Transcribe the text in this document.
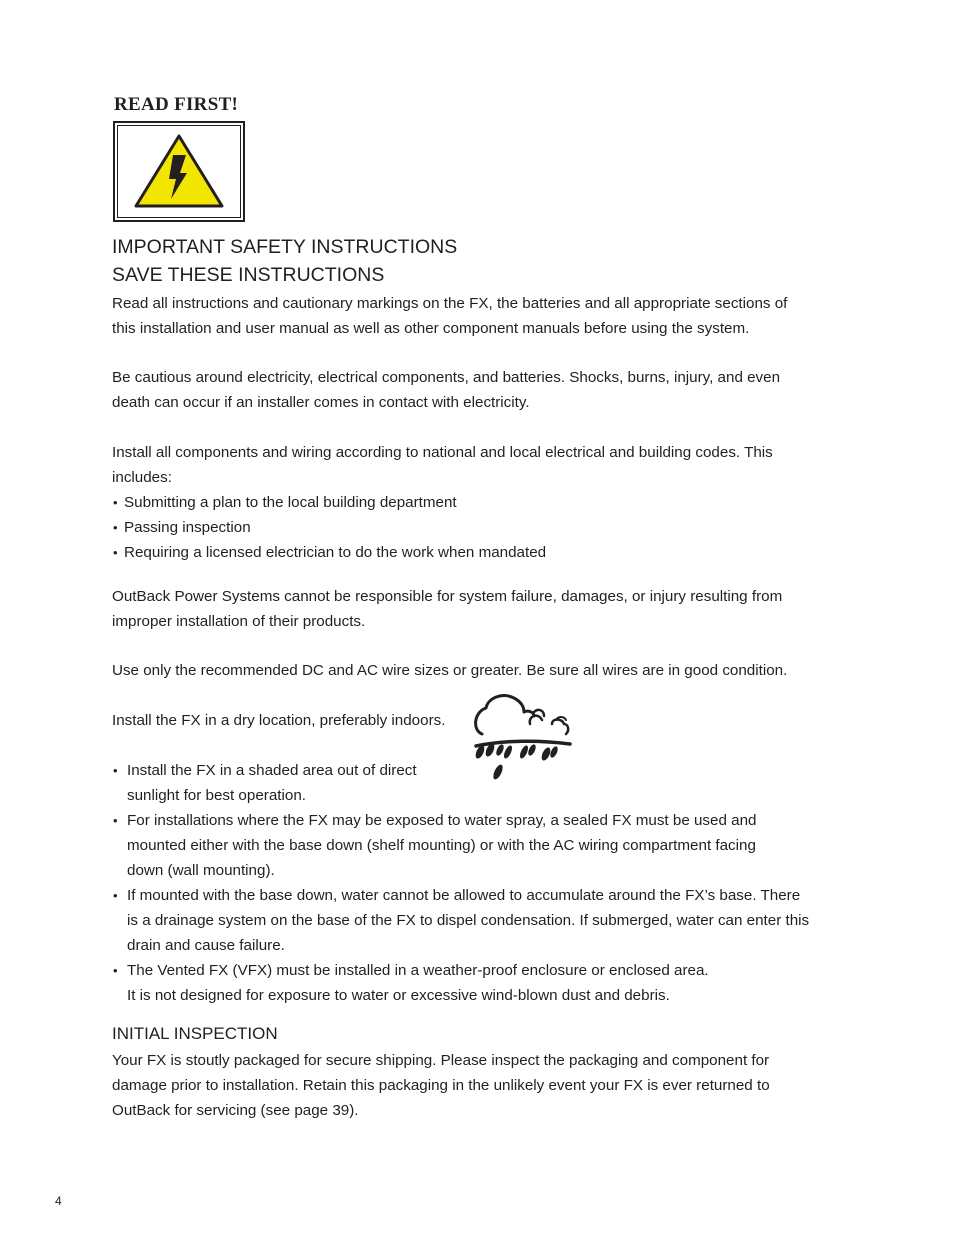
READ FIRST!
IMPORTANT SAFETY INSTRUCTIONS
SAVE THESE INSTRUCTIONS
Read all instructions and cautionary markings on the FX, the batteries and all appropriate sections of
this installation and user manual as well as other component manuals before using the system.
Be cautious around electricity, electrical components, and batteries. Shocks, burns, injury, and even
death can occur if an installer comes in contact with electricity.
Install all components and wiring according to national and local electrical and building codes. This
includes:
• Submitting a plan to the local building department
• Passing inspection
• Requiring a licensed electrician to do the work when mandated
OutBack Power Systems cannot be responsible for system failure, damages, or injury resulting from
improper installation of their products.
Use only the recommended DC and AC wire sizes or greater. Be sure all wires are in good condition.
Install the FX in a dry location, preferably indoors.
• Install the FX in a shaded area out of direct
sunlight for best operation.
• For installations where the FX may be exposed to water spray, a sealed FX must be used and
mounted either with the base down (shelf mounting) or with the AC wiring compartment facing
down (wall mounting).
• If mounted with the base down, water cannot be allowed to accumulate around the FX’s base. There
is a drainage system on the base of the FX to dispel condensation. If submerged, water can enter this
drain and cause failure.
• The Vented FX (VFX) must be installed in a weather-proof enclosure or enclosed area.
It is not designed for exposure to water or excessive wind-blown dust and debris.
INITIAL INSPECTION
Your FX is stoutly packaged for secure shipping. Please inspect the packaging and component for
damage prior to installation. Retain this packaging in the unlikely event your FX is ever returned to
OutBack for servicing (see page 39).
4
